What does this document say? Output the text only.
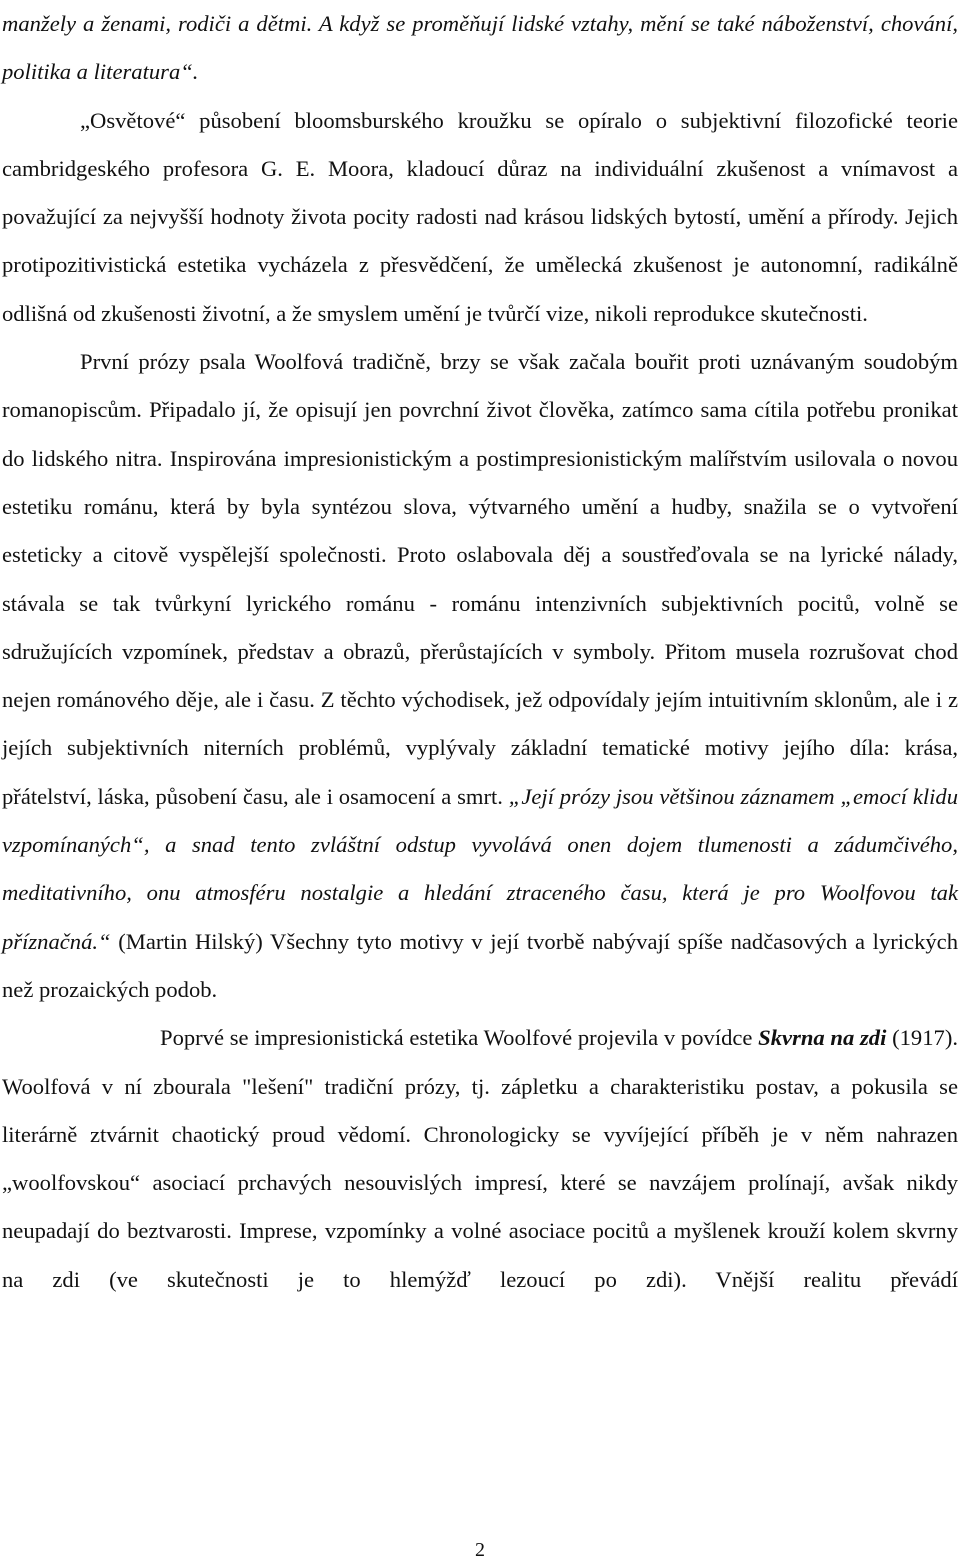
manžely a ženami, rodiči a dětmi. A když se proměňují lidské vztahy, mění se také náboženství, chování, politika a literatura“.

„Osvětové“ působení bloomsburského kroužku se opíralo o subjektivní filozofické teorie cambridgeského profesora G. E. Moora, kladoucí důraz na individuální zkušenost a vnímavost a považující za nejvyšší hodnoty života pocity radosti nad krásou lidských bytostí, umění a přírody. Jejich protipozitivistická estetika vycházela z přesvědčení, že umělecká zkušenost je autonomní, radikálně odlišná od zkušenosti životní, a že smyslem umění je tvůrčí vize, nikoli reprodukce skutečnosti.

První prózy psala Woolfová tradičně, brzy se však začala bouřit proti uznávaným soudobým romanopiscům. Připadalo jí, že opisují jen povrchní život člověka, zatímco sama cítila potřebu pronikat do lidského nitra. Inspirována impresionistickým a postimpresionistickým malířstvím usilovala o novou estetiku románu, která by byla syntézou slova, výtvarného umění a hudby, snažila se o vytvoření esteticky a citově vyspělejší společnosti. Proto oslabovala děj a soustřeďovala se na lyrické nálady, stávala se tak tvůrkyní lyrického románu - románu intenzivních subjektivních pocitů, volně se sdružujících vzpomínek, představ a obrazů, přerůstajících v symboly. Přitom musela rozrušovat chod nejen románového děje, ale i času. Z těchto východisek, jež odpovídaly jejím intuitivním sklonům, ale i z jejích subjektivních niterních problémů, vyplývaly základní tematické motivy jejího díla: krása, přátelství, láska, působení času, ale i osamocení a smrt. „Její prózy jsou většinou záznamem „emocí klidu vzpomínaných“, a snad tento zvláštní odstup vyvolává onen dojem tlumenosti a zádumčivého, meditativního, onu atmosféru nostalgie a hledání ztraceného času, která je pro Woolfovou tak příznačná.“ (Martin Hilský) Všechny tyto motivy v její tvorbě nabývají spíše nadčasových a lyrických než prozaických podob.

Poprvé se impresionistická estetika Woolfové projevila v povídce Skvrna na zdi (1917). Woolfová v ní zbourala "lešení" tradiční prózy, tj. zápletku a charakteristiku postav, a pokusila se literárně ztvárnit chaotický proud vědomí. Chronologicky se vyvíjející příběh je v něm nahrazen „woolfovskou“ asociací prchavých nesouvislých impresí, které se navzájem prolínají, avšak nikdy neupadají do beztvarosti. Imprese, vzpomínky a volné asociace pocitů a myšlenek krouží kolem skvrny na zdi (ve skutečnosti je to hlemýžď lezoucí po zdi). Vnější realitu převádí

2
